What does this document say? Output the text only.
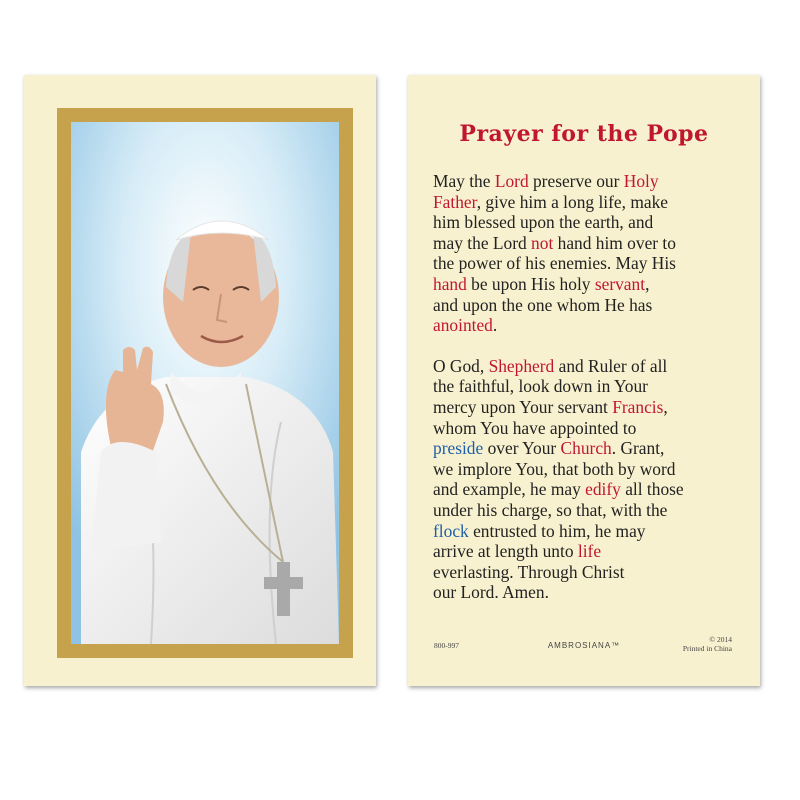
Prayer for the Pope

May the Lord preserve our Holy
Father, give him a long life, make
him blessed upon the earth, and
may the Lord not hand him over to
the power of his enemies. May His
hand be upon His holy servant,
and upon the one whom He has
anointed.

O God, Shepherd and Ruler of all
the faithful, look down in Your
mercy upon Your servant Francis,
whom You have appointed to
preside over Your Church. Grant,
we implore You, that both by word
and example, he may edify all those
under his charge, so that, with the
flock entrusted to him, he may
arrive at length unto life
everlasting. Through Christ
our Lord. Amen.

800-997	AMBROSIANA™
© 2014
Printed in China
